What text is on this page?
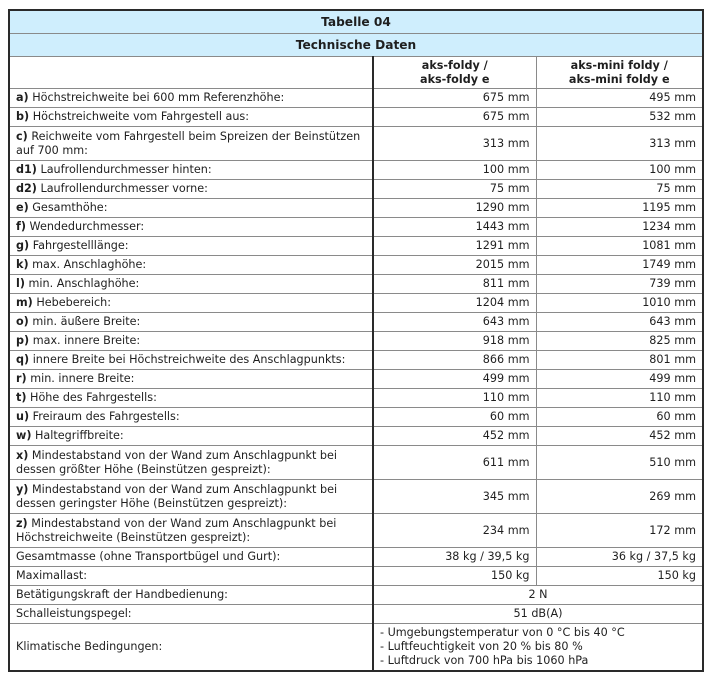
Tabelle 04		
Technische Daten		

aks-foldy /
aks-foldy e

aks-mini foldy /
aks-mini foldy e

a) Höchstreichweite bei 600 mm Referenzhöhe:	675 mm	495 mm
b) Höchstreichweite vom Fahrgestell aus:	675 mm	532 mm
c) Reichweite vom Fahrgestell beim Spreizen der Beinstützen auf 700 mm:	313 mm	313 mm
d1) Laufrollendurchmesser hinten:	100 mm	100 mm
d2) Laufrollendurchmesser vorne:	75 mm	75 mm
e) Gesamthöhe:	1290 mm	1195 mm
f) Wendedurchmesser:	1443 mm	1234 mm
g) Fahrgestelllänge:	1291 mm	1081 mm
k) max. Anschlaghöhe:	2015 mm	1749 mm
l) min. Anschlaghöhe:	811 mm	739 mm
m) Hebebereich:	1204 mm	1010 mm
o) min. äußere Breite:	643 mm	643 mm
p) max. innere Breite:	918 mm	825 mm
q) innere Breite bei Höchstreichweite des Anschlagpunkts:	866 mm	801 mm
r) min. innere Breite:	499 mm	499 mm
t) Höhe des Fahrgestells:	110 mm	110 mm
u) Freiraum des Fahrgestells:	60 mm	60 mm
w) Haltegriffbreite:	452 mm	452 mm
x) Mindestabstand von der Wand zum Anschlagpunkt bei dessen größter Höhe (Beinstützen gespreizt):	611 mm	510 mm
y) Mindestabstand von der Wand zum Anschlagpunkt bei dessen geringster Höhe (Beinstützen gespreizt):	345 mm	269 mm
z) Mindestabstand von der Wand zum Anschlagpunkt bei Höchstreichweite (Beinstützen gespreizt):	234 mm	172 mm
Gesamtmasse (ohne Transportbügel und Gurt):	38 kg / 39,5 kg	36 kg / 37,5 kg
Maximallast:	150 kg	150 kg
Betätigungskraft der Handbedienung:	2 N	
Schalleistungspegel:	51 dB(A)	
Klimatische Bedingungen:	- Umgebungstemperatur von 0 °C bis 40 °C
- Luftfeuchtigkeit von 20 % bis 80 %
- Luftdruck von 700 hPa bis 1060 hPa	
